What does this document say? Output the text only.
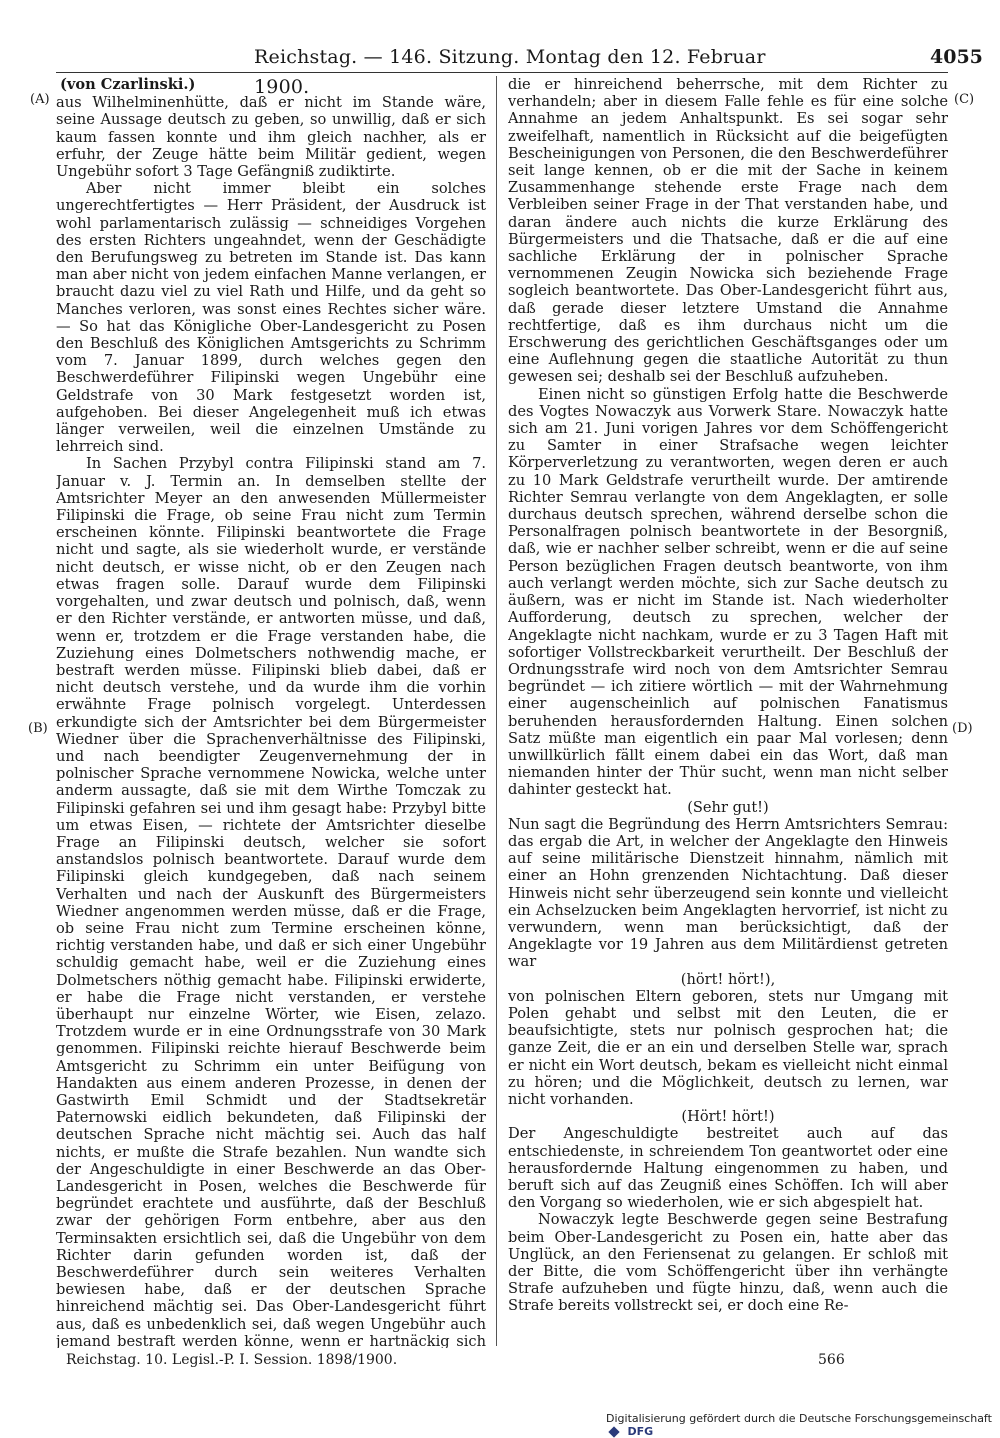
Reichstag. — 146. Sitzung. Montag den 12. Februar 1900.
4055
(A)
(B)
(C)
(D)
(von Czarlinski.)

aus Wilhelminenhütte, daß er nicht im Stande wäre, seine Aussage deutsch zu geben, so unwillig, daß er sich kaum fassen konnte und ihm gleich nachher, als er erfuhr, der Zeuge hätte beim Militär gedient, wegen Ungebühr sofort 3 Tage Gefängniß zudiktirte.

Aber nicht immer bleibt ein solches ungerechtfertigtes — Herr Präsident, der Ausdruck ist wohl parlamentarisch zulässig — schneidiges Vorgehen des ersten Richters ungeahndet, wenn der Geschädigte den Berufungsweg zu betreten im Stande ist. Das kann man aber nicht von jedem einfachen Manne verlangen, er braucht dazu viel zu viel Rath und Hilfe, und da geht so Manches verloren, was sonst eines Rechtes sicher wäre. — So hat das Königliche Ober-Landesgericht zu Posen den Beschluß des Königlichen Amtsgerichts zu Schrimm vom 7. Januar 1899, durch welches gegen den Beschwerdeführer Filipinski wegen Ungebühr eine Geldstrafe von 30 Mark festgesetzt worden ist, aufgehoben. Bei dieser Angelegenheit muß ich etwas länger verweilen, weil die einzelnen Umstände zu lehrreich sind.

In Sachen Przybyl contra Filipinski stand am 7. Januar v. J. Termin an. In demselben stellte der Amtsrichter Meyer an den anwesenden Müllermeister Filipinski die Frage, ob seine Frau nicht zum Termin erscheinen könnte. Filipinski beantwortete die Frage nicht und sagte, als sie wiederholt wurde, er verstände nicht deutsch, er wisse nicht, ob er den Zeugen nach etwas fragen solle. Darauf wurde dem Filipinski vorgehalten, und zwar deutsch und polnisch, daß, wenn er den Richter verstände, er antworten müsse, und daß, wenn er, trotzdem er die Frage verstanden habe, die Zuziehung eines Dolmetschers nothwendig mache, er bestraft werden müsse. Filipinski blieb dabei, daß er nicht deutsch verstehe, und da wurde ihm die vorhin erwähnte Frage polnisch vorgelegt. Unterdessen erkundigte sich der Amtsrichter bei dem Bürgermeister Wiedner über die Sprachenverhältnisse des Filipinski, und nach beendigter Zeugenvernehmung der in polnischer Sprache vernommene Nowicka, welche unter anderm aussagte, daß sie mit dem Wirthe Tomczak zu Filipinski gefahren sei und ihm gesagt habe: Przybyl bitte um etwas Eisen, — richtete der Amtsrichter dieselbe Frage an Filipinski deutsch, welcher sie sofort anstandslos polnisch beantwortete. Darauf wurde dem Filipinski gleich kundgegeben, daß nach seinem Verhalten und nach der Auskunft des Bürgermeisters Wiedner angenommen werden müsse, daß er die Frage, ob seine Frau nicht zum Termine erscheinen könne, richtig verstanden habe, und daß er sich einer Ungebühr schuldig gemacht habe, weil er die Zuziehung eines Dolmetschers nöthig gemacht habe. Filipinski erwiderte, er habe die Frage nicht verstanden, er verstehe überhaupt nur einzelne Wörter, wie Eisen, zelazo. Trotzdem wurde er in eine Ordnungsstrafe von 30 Mark genommen. Filipinski reichte hierauf Beschwerde beim Amtsgericht zu Schrimm ein unter Beifügung von Handakten aus einem anderen Prozesse, in denen der Gastwirth Emil Schmidt und der Stadtsekretär Paternowski eidlich bekundeten, daß Filipinski der deutschen Sprache nicht mächtig sei. Auch das half nichts, er mußte die Strafe bezahlen. Nun wandte sich der Angeschuldigte in einer Beschwerde an das Ober-Landesgericht in Posen, welches die Beschwerde für begründet erachtete und ausführte, daß der Beschluß zwar der gehörigen Form entbehre, aber aus den Terminsakten ersichtlich sei, daß die Ungebühr von dem Richter darin gefunden worden ist, daß der Beschwerdeführer durch sein weiteres Verhalten bewiesen habe, daß er der deutschen Sprache hinreichend mächtig sei. Das Ober-Landesgericht führt aus, daß es unbedenklich sei, daß wegen Ungebühr auch jemand bestraft werden könne, wenn er hartnäckig sich

die er hinreichend beherrsche, mit dem Richter zu verhandeln; aber in diesem Falle fehle es für eine solche Annahme an jedem Anhaltspunkt. Es sei sogar sehr zweifelhaft, namentlich in Rücksicht auf die beigefügten Bescheinigungen von Personen, die den Beschwerdeführer seit lange kennen, ob er die mit der Sache in keinem Zusammenhange stehende erste Frage nach dem Verbleiben seiner Frage in der That verstanden habe, und daran ändere auch nichts die kurze Erklärung des Bürgermeisters und die Thatsache, daß er die auf eine sachliche Erklärung der in polnischer Sprache vernommenen Zeugin Nowicka sich beziehende Frage sogleich beantwortete. Das Ober-Landesgericht führt aus, daß gerade dieser letztere Umstand die Annahme rechtfertige, daß es ihm durchaus nicht um die Erschwerung des gerichtlichen Geschäftsganges oder um eine Auflehnung gegen die staatliche Autorität zu thun gewesen sei; deshalb sei der Beschluß aufzuheben.

Einen nicht so günstigen Erfolg hatte die Beschwerde des Vogtes Nowaczyk aus Vorwerk Stare. Nowaczyk hatte sich am 21. Juni vorigen Jahres vor dem Schöffengericht zu Samter in einer Strafsache wegen leichter Körperverletzung zu verantworten, wegen deren er auch zu 10 Mark Geldstrafe verurtheilt wurde. Der amtirende Richter Semrau verlangte von dem Angeklagten, er solle durchaus deutsch sprechen, während derselbe schon die Personalfragen polnisch beantwortete in der Besorgniß, daß, wie er nachher selber schreibt, wenn er die auf seine Person bezüglichen Fragen deutsch beantworte, von ihm auch verlangt werden möchte, sich zur Sache deutsch zu äußern, was er nicht im Stande ist. Nach wiederholter Aufforderung, deutsch zu sprechen, welcher der Angeklagte nicht nachkam, wurde er zu 3 Tagen Haft mit sofortiger Vollstreckbarkeit verurtheilt. Der Beschluß der Ordnungsstrafe wird noch von dem Amtsrichter Semrau begründet — ich zitiere wörtlich — mit der Wahrnehmung einer augenscheinlich auf polnischen Fanatismus beruhenden herausfordernden Haltung. Einen solchen Satz müßte man eigentlich ein paar Mal vorlesen; denn unwillkürlich fällt einem dabei ein das Wort, daß man niemanden hinter der Thür sucht, wenn man nicht selber dahinter gesteckt hat.

(Sehr gut!)

Nun sagt die Begründung des Herrn Amtsrichters Semrau: das ergab die Art, in welcher der Angeklagte den Hinweis auf seine militärische Dienstzeit hinnahm, nämlich mit einer an Hohn grenzenden Nichtachtung. Daß dieser Hinweis nicht sehr überzeugend sein konnte und vielleicht ein Achselzucken beim Angeklagten hervorrief, ist nicht zu verwundern, wenn man berücksichtigt, daß der Angeklagte vor 19 Jahren aus dem Militärdienst getreten war

(hört! hört!),

von polnischen Eltern geboren, stets nur Umgang mit Polen gehabt und selbst mit den Leuten, die er beaufsichtigte, stets nur polnisch gesprochen hat; die ganze Zeit, die er an ein und derselben Stelle war, sprach er nicht ein Wort deutsch, bekam es vielleicht nicht einmal zu hören; und die Möglichkeit, deutsch zu lernen, war nicht vorhanden.

(Hört! hört!)

Der Angeschuldigte bestreitet auch auf das entschiedenste, in schreiendem Ton geantwortet oder eine herausfordernde Haltung eingenommen zu haben, und beruft sich auf das Zeugniß eines Schöffen. Ich will aber den Vorgang so wiederholen, wie er sich abgespielt hat.

Nowaczyk legte Beschwerde gegen seine Bestrafung beim Ober-Landesgericht zu Posen ein, hatte aber das Unglück, an den Feriensenat zu gelangen. Er schloß mit der Bitte, die vom Schöffengericht über ihn verhängte Strafe aufzuheben und fügte hinzu, daß, wenn auch die Strafe bereits vollstreckt sei, er doch eine Re-

Reichstag. 10. Legisl.-P. I. Session. 1898/1900.	566
Digitalisierung gefördert durch die Deutsche Forschungsgemeinschaft  DFG
